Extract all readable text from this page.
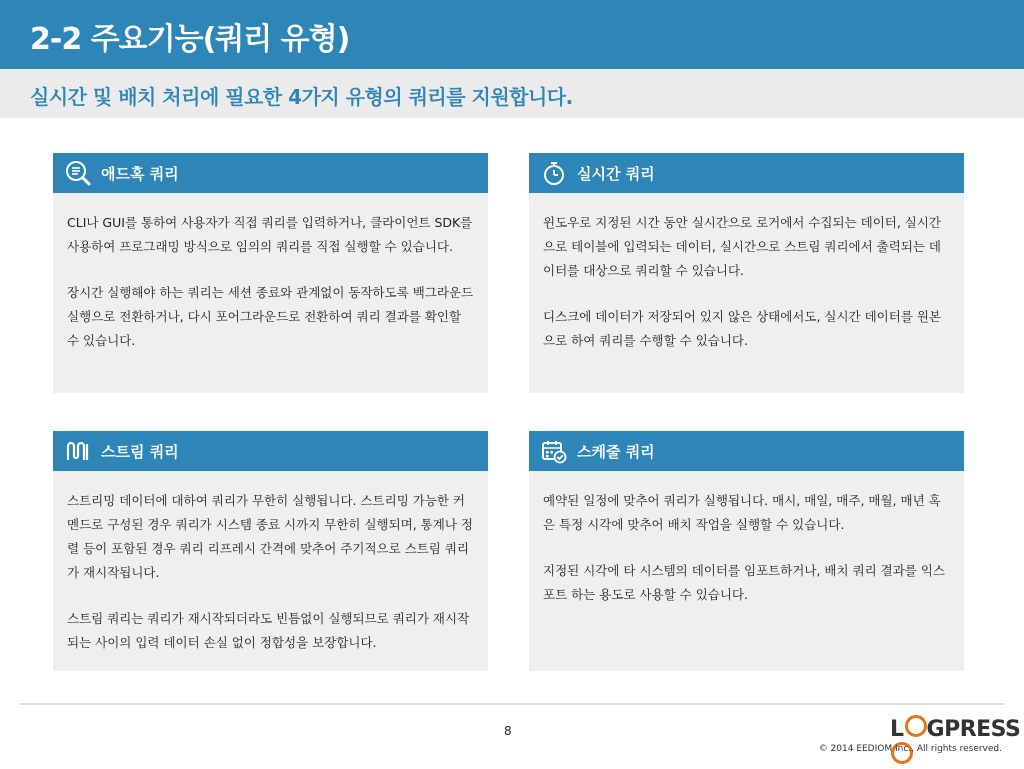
2-2 주요기능(쿼리 유형)
실시간 및 배치 처리에 필요한 4가지 유형의 쿼리를 지원합니다.
애드혹 쿼리

CLI나 GUI를 통하여 사용자가 직접 쿼리를 입력하거나, 클라이언트 SDK를 사용하여 프로그래밍 방식으로 임의의 쿼리를 직접 실행할 수 있습니다.

장시간 실행해야 하는 쿼리는 세션 종료와 관계없이 동작하도록 백그라운드 실행으로 전환하거나, 다시 포어그라운드로 전환하여 쿼리 결과를 확인할 수 있습니다.

실시간 쿼리

윈도우로 지정된 시간 동안 실시간으로 로거에서 수집되는 데이터, 실시간으로 테이블에 입력되는 데이터, 실시간으로 스트림 쿼리에서 출력되는 데이터를 대상으로 쿼리할 수 있습니다.

디스크에 데이터가 저장되어 있지 않은 상태에서도, 실시간 데이터를 원본으로 하여 쿼리를 수행할 수 있습니다.

스트림 쿼리

스트리밍 데이터에 대하여 쿼리가 무한히 실행됩니다. 스트리밍 가능한 커멘드로 구성된 경우 쿼리가 시스템 종료 시까지 무한히 실행되며, 통계나 정렬 등이 포함된 경우 쿼리 리프레시 간격에 맞추어 주기적으로 스트림 쿼리가 재시작됩니다.

스트림 쿼리는 쿼리가 재시작되더라도 빈틈없이 실행되므로 쿼리가 재시작되는 사이의 입력 데이터 손실 없이 정합성을 보장합니다.

스케줄 쿼리

예약된 일정에 맞추어 쿼리가 실행됩니다. 매시, 매일, 매주, 매월, 매년 혹은 특정 시각에 맞추어 배치 작업을 실행할 수 있습니다.

지정된 시각에 타 시스템의 데이터를 임포트하거나, 배치 쿼리 결과를 익스포트 하는 용도로 사용할 수 있습니다.

8	L GPRESS
© 2014 EEDIOM Inc., All rights reserved.
